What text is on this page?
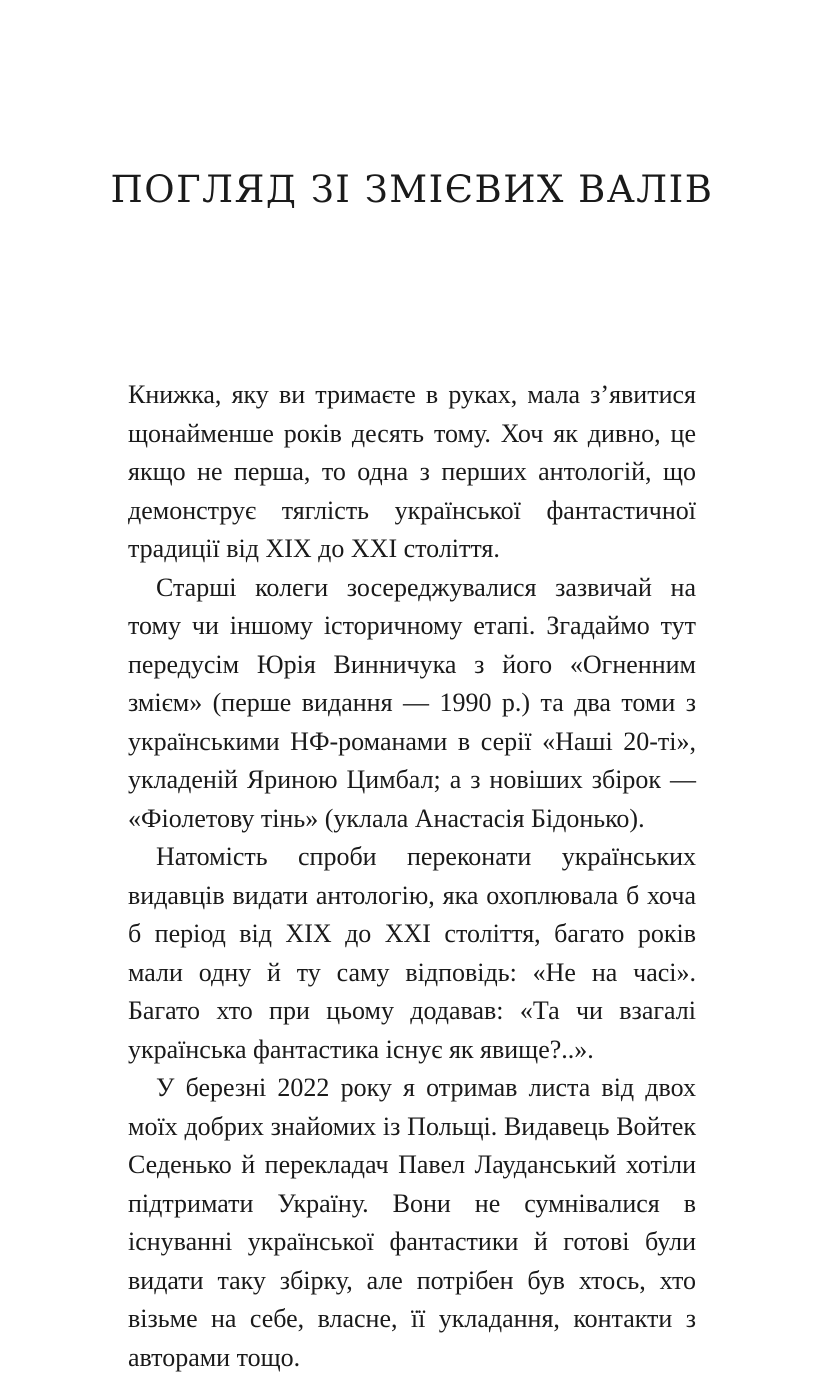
ПОГЛЯД ЗІ ЗМІЄВИХ ВАЛІВ

Книжка, яку ви тримаєте в руках, мала з’явитися щонайменше років десять тому. Хоч як дивно, це якщо не перша, то одна з перших антологій, що демонструє тяглість української фантастичної традиції від XIX до XXI століття.

Старші колеги зосереджувалися зазвичай на тому чи іншому історичному етапі. Згадаймо тут передусім Юрія Винничука з його «Огненним змієм» (перше видання — 1990 р.) та два томи з українськими НФ-романами в серії «Наші 20-ті», укладеній Яриною Цимбал; а з новіших збірок — «Фіолетову тінь» (уклала Анастасія Бідонько).

Натомість спроби переконати українських видавців видати антологію, яка охоплювала б хоча б період від XIX до XXI століття, багато років мали одну й ту саму відповідь: «Не на часі». Багато хто при цьому додавав: «Та чи взагалі українська фантастика існує як явище?..».

У березні 2022 року я отримав листа від двох моїх добрих знайомих із Польщі. Видавець Войтек Седенько й перекладач Павел Лауданський хотіли підтримати Україну. Вони не сумнівалися в існуванні української фантастики й готові були видати таку збірку, але потрібен був хтось, хто візьме на себе, власне, її укладання, контакти з авторами тощо.
